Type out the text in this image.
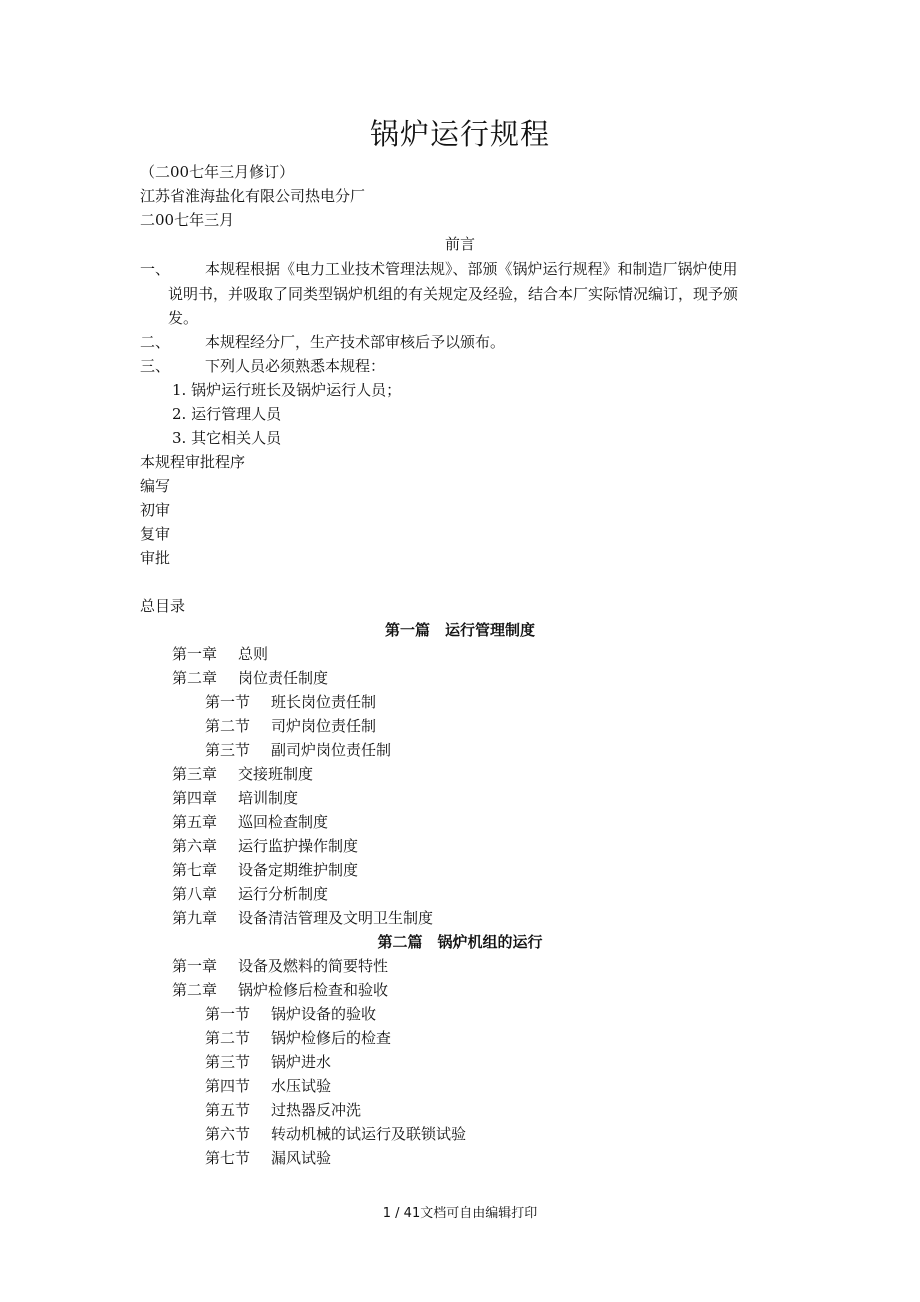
锅炉运行规程
（二00七年三月修订）
江苏省淮海盐化有限公司热电分厂
二00七年三月
前言
一、 本规程根据《电力工业技术管理法规》、部颁《锅炉运行规程》和制造厂锅炉使用
说明书，并吸取了同类型锅炉机组的有关规定及经验，结合本厂实际情况编订，现予颁
发。
二、 本规程经分厂，生产技术部审核后予以颁布。
三、 下列人员必须熟悉本规程：
1. 锅炉运行班长及锅炉运行人员；
2. 运行管理人员
3. 其它相关人员
本规程审批程序
编写
初审
复审
审批
总目录
第一篇　运行管理制度
第一章 总则
第二章 岗位责任制度
第一节 班长岗位责任制
第二节 司炉岗位责任制
第三节 副司炉岗位责任制
第三章 交接班制度
第四章 培训制度
第五章 巡回检查制度
第六章 运行监护操作制度
第七章 设备定期维护制度
第八章 运行分析制度
第九章 设备清洁管理及文明卫生制度
第二篇　锅炉机组的运行
第一章 设备及燃料的简要特性
第二章 锅炉检修后检查和验收
第一节 锅炉设备的验收
第二节 锅炉检修后的检查
第三节 锅炉进水
第四节 水压试验
第五节 过热器反冲洗
第六节 转动机械的试运行及联锁试验
第七节 漏风试验
1 / 41文档可自由编辑打印
